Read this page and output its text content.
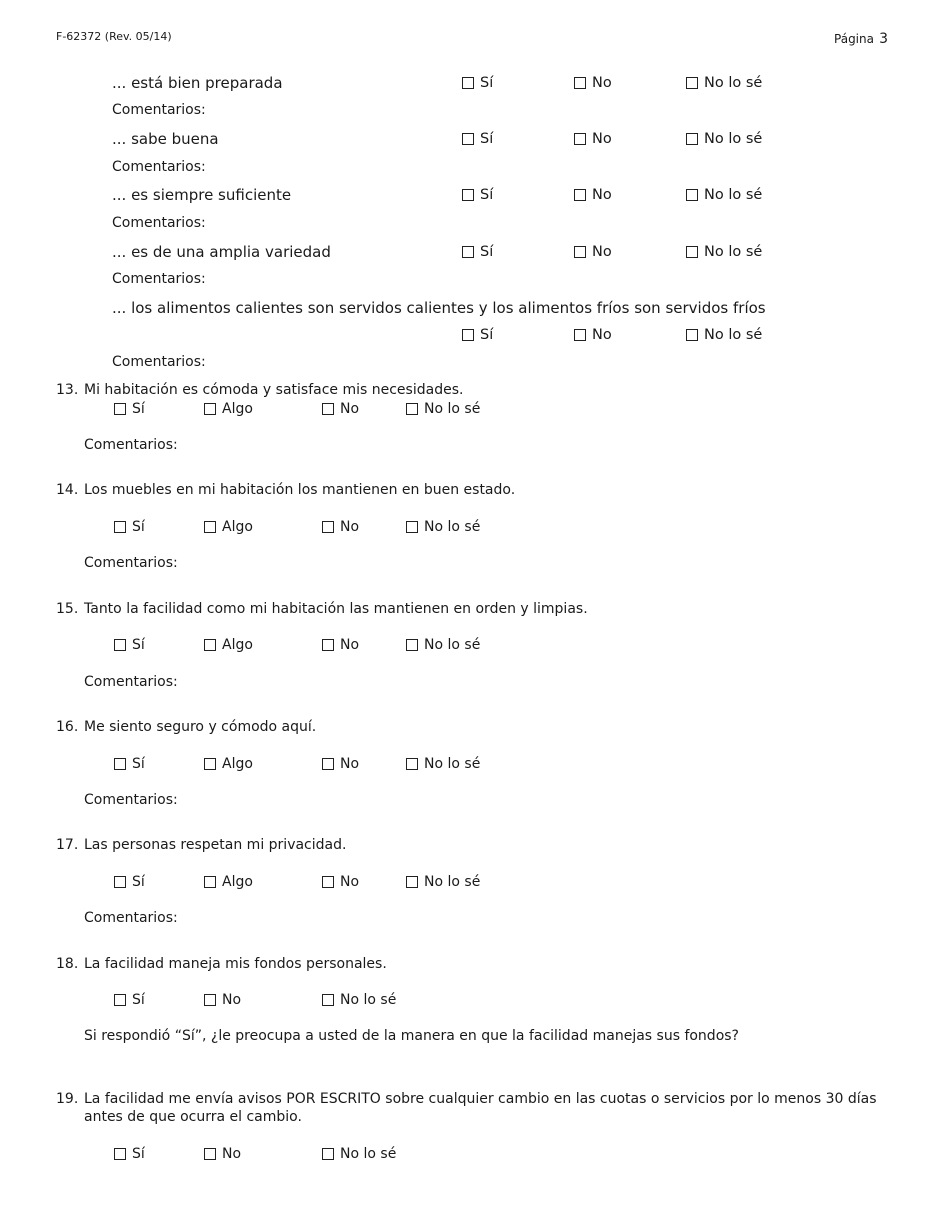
F-62372 (Rev. 05/14)	Página 3
... está bien preparada	Sí	No	No lo sé
Comentarios:
... sabe buena	Sí	No	No lo sé
Comentarios:
... es siempre suficiente	Sí	No	No lo sé
Comentarios:
... es de una amplia variedad	Sí	No	No lo sé
Comentarios:
... los alimentos calientes son servidos calientes y los alimentos fríos son servidos fríos
Sí	No	No lo sé
Comentarios:
13. Mi habitación es cómoda y satisface mis necesidades.
Sí	Algo	No	No lo sé
Comentarios:
14. Los muebles en mi habitación los mantienen en buen estado.
Sí	Algo	No	No lo sé
Comentarios:
15. Tanto la facilidad como mi habitación las mantienen en orden y limpias.
Sí	Algo	No	No lo sé
Comentarios:
16. Me siento seguro y cómodo aquí.
Sí	Algo	No	No lo sé
Comentarios:
17. Las personas respetan mi privacidad.
Sí	Algo	No	No lo sé
Comentarios:
18. La facilidad maneja mis fondos personales.
Sí	No	No lo sé
Si respondió “Sí”, ¿le preocupa a usted de la manera en que la facilidad manejas sus fondos?
19. La facilidad me envía avisos POR ESCRITO sobre cualquier cambio en las cuotas o servicios por lo menos 30 días
antes de que ocurra el cambio.
Sí	No	No lo sé
